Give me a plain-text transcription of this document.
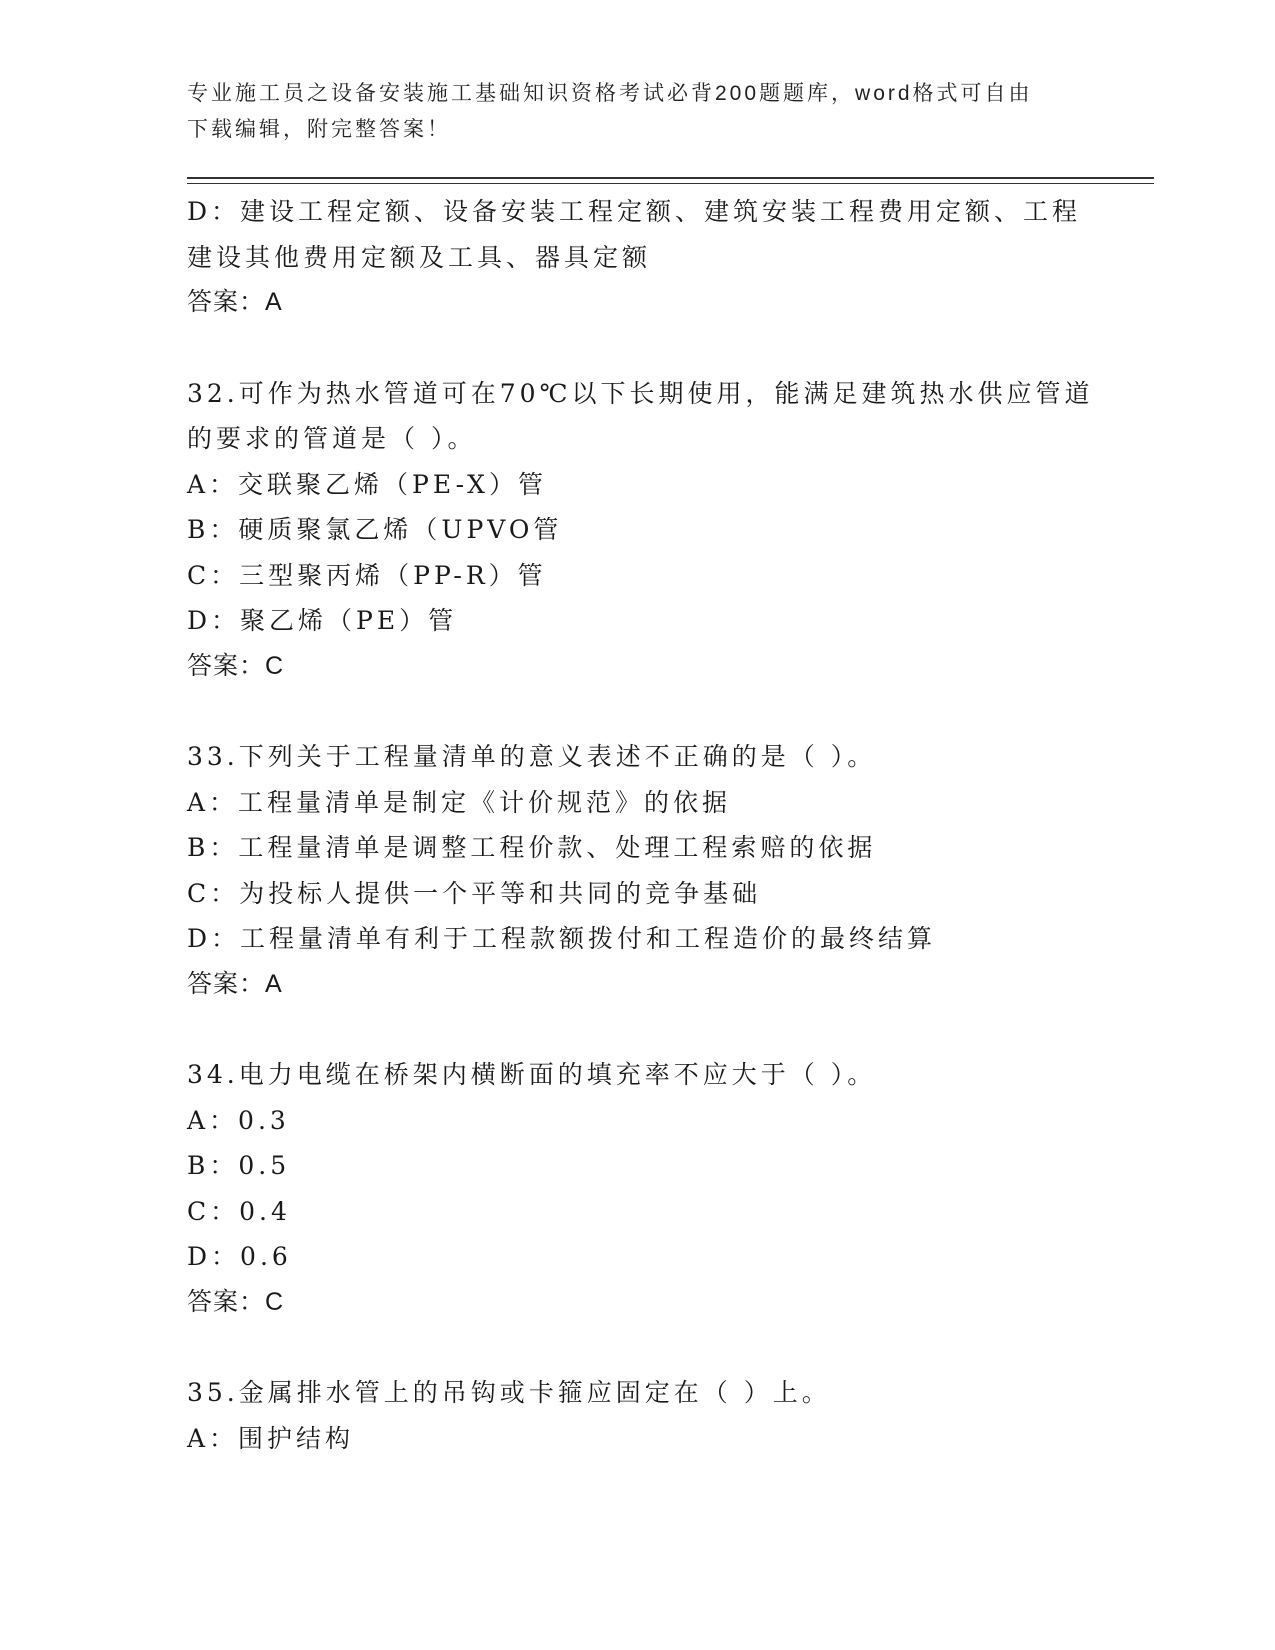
专业施工员之设备安装施工基础知识资格考试必背200题题库，word格式可自由
下载编辑，附完整答案！
D：建设工程定额、设备安装工程定额、建筑安装工程费用定额、工程
建设其他费用定额及工具、器具定额
答案：A
32.可作为热水管道可在70℃以下长期使用，能满足建筑热水供应管道
的要求的管道是（ ）。
A：交联聚乙烯（PE-X）管
B：硬质聚氯乙烯（UPVO管
C：三型聚丙烯（PP-R）管
D：聚乙烯（PE）管
答案：C
33.下列关于工程量清单的意义表述不正确的是（ ）。
A：工程量清单是制定《计价规范》的依据
B：工程量清单是调整工程价款、处理工程索赔的依据
C：为投标人提供一个平等和共同的竞争基础
D：工程量清单有利于工程款额拨付和工程造价的最终结算
答案：A
34.电力电缆在桥架内横断面的填充率不应大于（ ）。
A：0.3
B：0.5
C：0.4
D：0.6
答案：C
35.金属排水管上的吊钩或卡箍应固定在（ ）上。
A：围护结构
